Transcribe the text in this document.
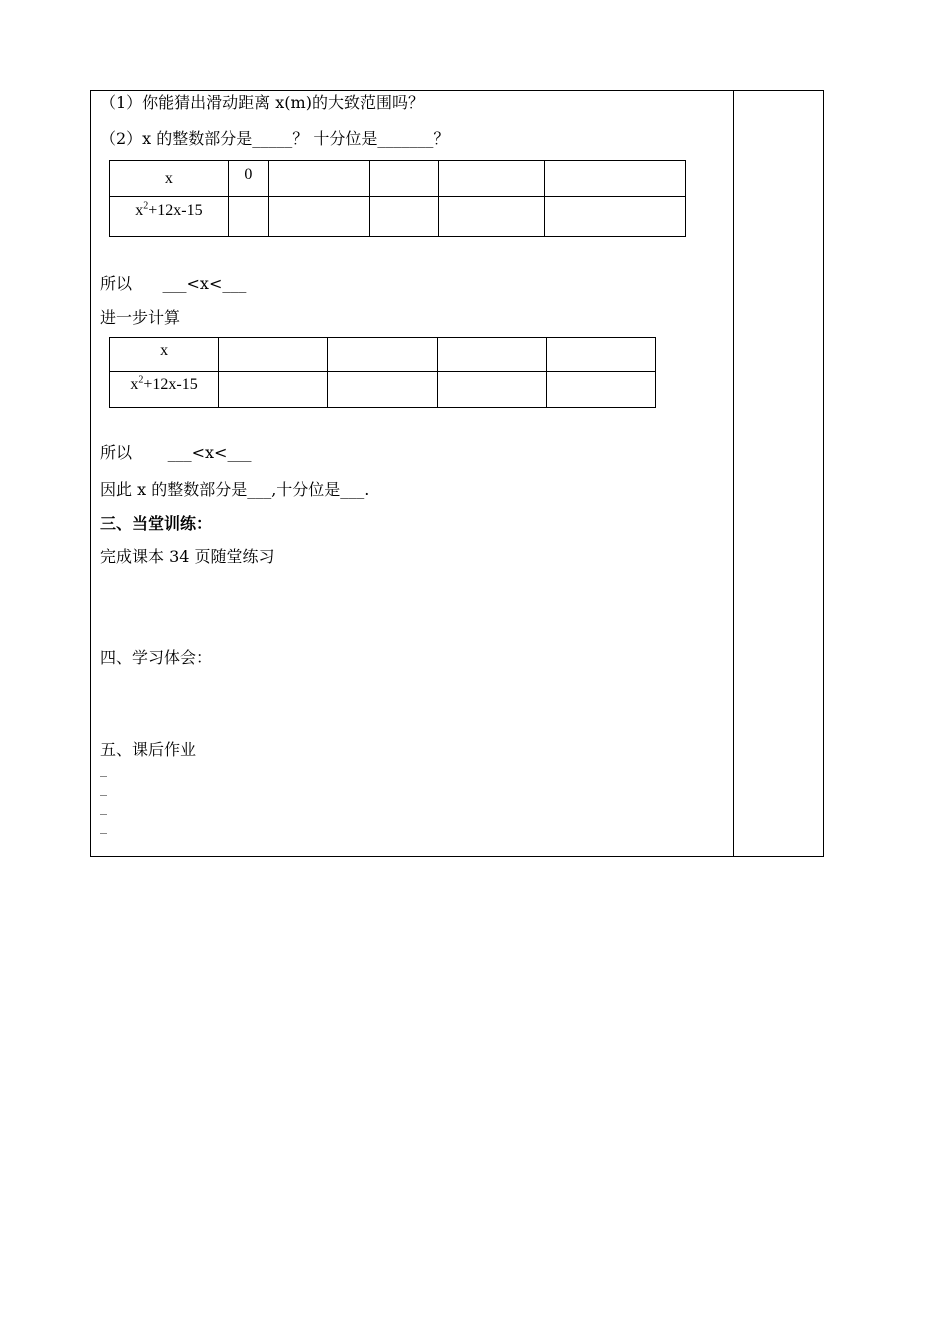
（1）你能猜出滑动距离 x(m)的大致范围吗？
（2）x 的整数部分是_____？ 十分位是_______？
x	0				
$x^2+12x-15$					
所以      ___<x<___
进一步计算
x				
$x^2+12x-15$				
所以       ___<x<___
因此 x 的整数部分是___,十分位是___.
三、当堂训练：
完成课本 34 页随堂练习
四、学习体会：
五、课后作业
